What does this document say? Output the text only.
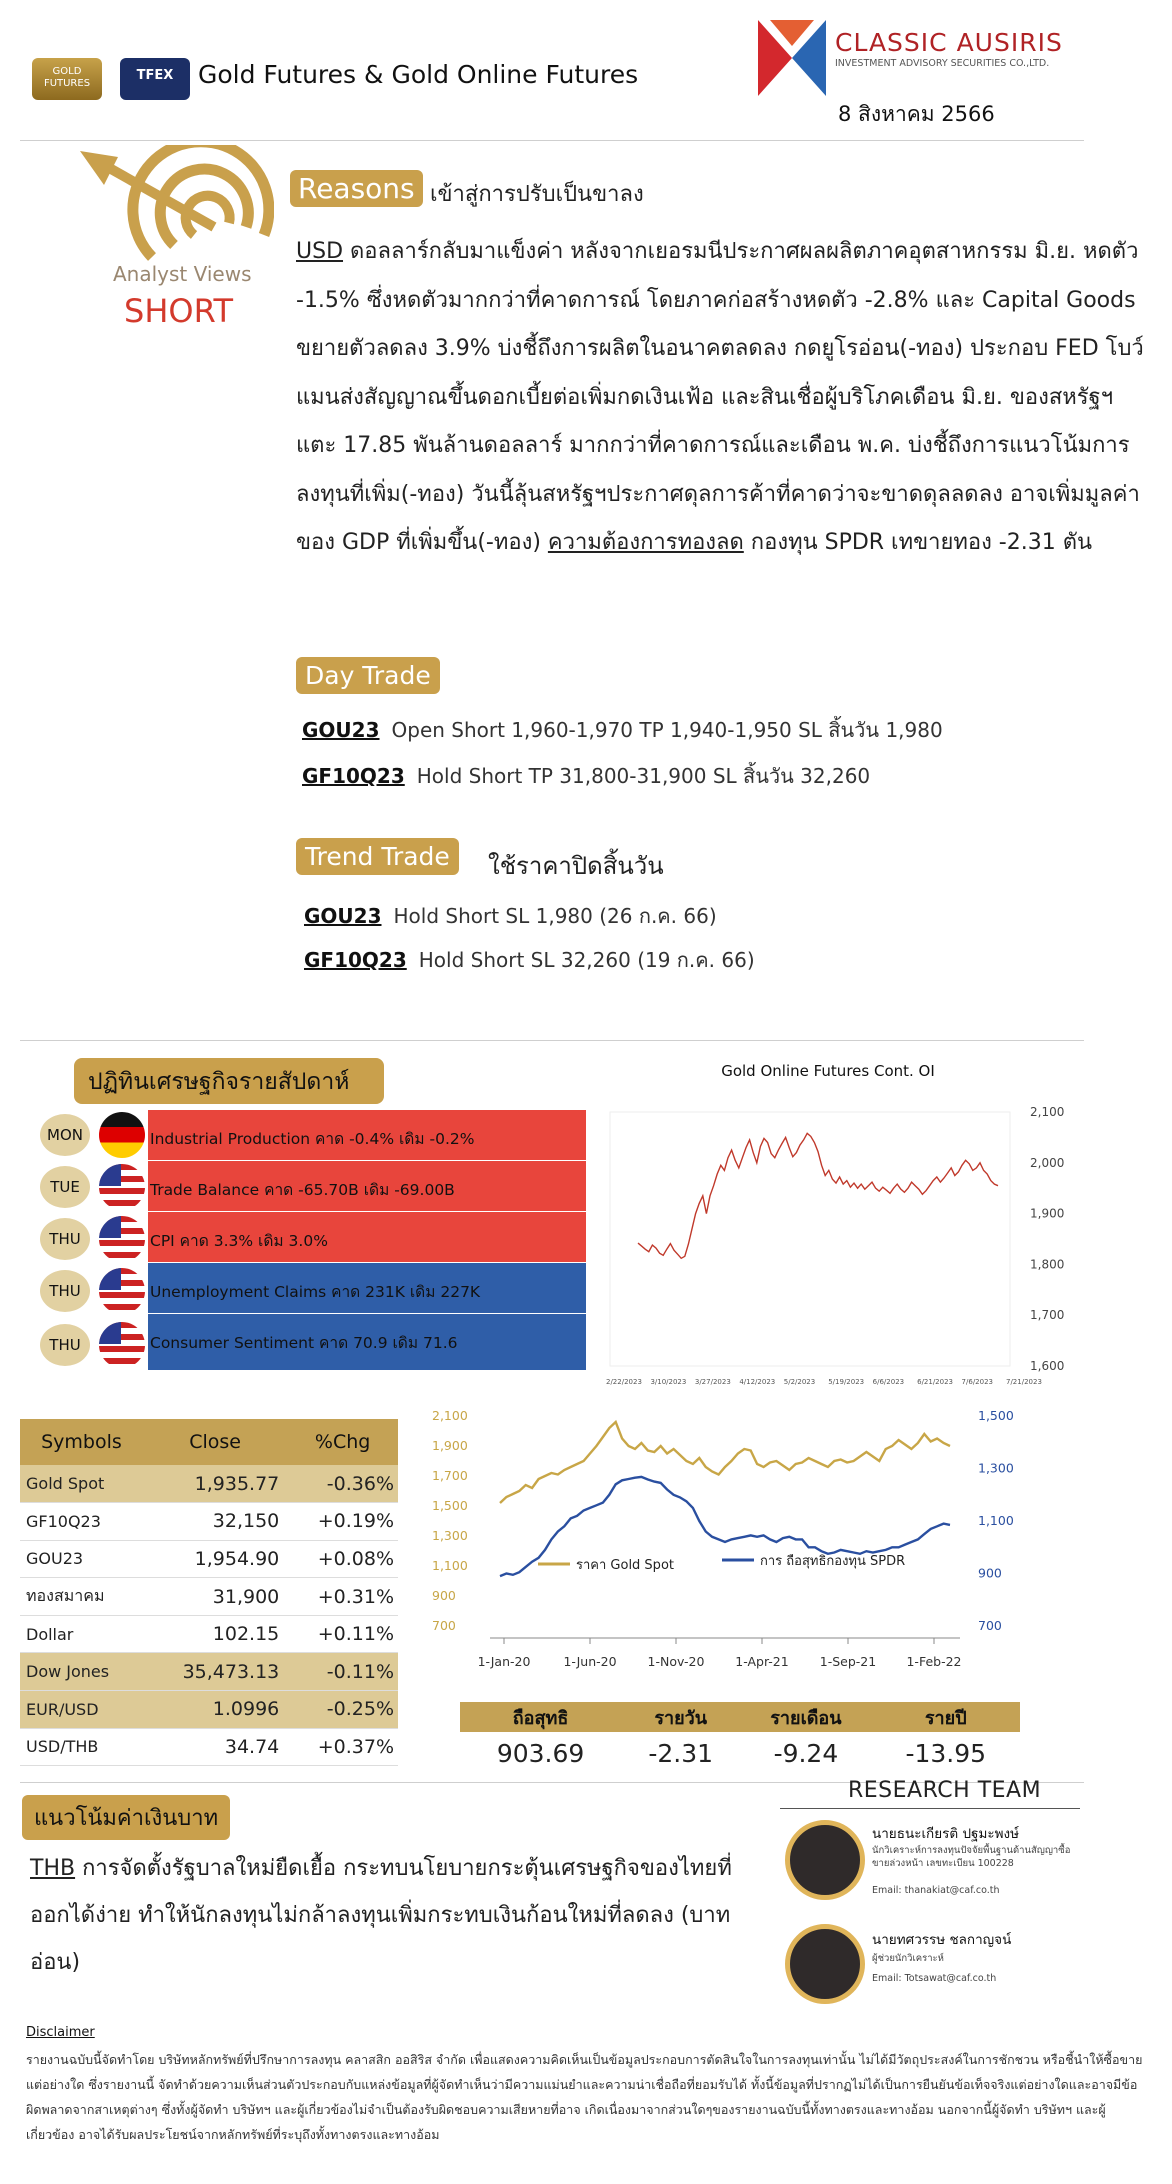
GOLD FUTURES
TFEX Gold Futures & Gold Online Futures
CLASSIC AUSIRIS
INVESTMENT ADVISORY SECURITIES CO.,LTD.
8 สิงหาคม 2566
Analyst Views
SHORT
Reasons เข้าสู่การปรับเป็นขาลง
USD ดอลลาร์กลับมาแข็งค่า หลังจากเยอรมนีประกาศผลผลิตภาคอุตสาหกรรม มิ.ย. หดตัว -1.5% ซึ่งหดตัวมากกว่าที่คาดการณ์ โดยภาคก่อสร้างหดตัว -2.8% และ Capital Goods ขยายตัวลดลง 3.9% บ่งชี้ถึงการผลิตในอนาคตลดลง กดยูโรอ่อน(-ทอง) ประกอบ FED โบว์แมนส่งสัญญาณขึ้นดอกเบี้ยต่อเพิ่มกดเงินเฟ้อ และสินเชื่อผู้บริโภคเดือน มิ.ย. ของสหรัฐฯแตะ 17.85 พันล้านดอลลาร์ มากกว่าที่คาดการณ์และเดือน พ.ค. บ่งชี้ถึงการแนวโน้มการลงทุนที่เพิ่ม(-ทอง) วันนี้ลุ้นสหรัฐฯประกาศดุลการค้าที่คาดว่าจะขาดดุลลดลง อาจเพิ่มมูลค่าของ GDP ที่เพิ่มขึ้น(-ทอง) ความต้องการทองลด กองทุน SPDR เทขายทอง -2.31 ตัน
Day Trade
GOU23 Open Short 1,960-1,970 TP 1,940-1,950 SL สิ้นวัน 1,980
GF10Q23 Hold Short TP 31,800-31,900 SL สิ้นวัน 32,260
Trend Trade	ใช้ราคาปิดสิ้นวัน
GOU23 Hold Short SL 1,980 (26 ก.ค. 66)
GF10Q23 Hold Short SL 32,260 (19 ก.ค. 66)
ปฏิทินเศรษฐกิจรายสัปดาห์
MON	Industrial Production คาด -0.4% เดิม -0.2%
TUE	Trade Balance คาด -65.70B เดิม -69.00B
THU	CPI คาด 3.3% เดิม 3.0%
THU	Unemployment Claims คาด 231K เดิม 227K
THU	Consumer Sentiment คาด 70.9 เดิม 71.6
Gold Online Futures Cont. OI
2,100
2,000
1,900
1,800
1,700
1,600
2/22/2023 3/10/2023 3/27/2023 4/12/2023 5/2/2023 5/19/2023 6/6/2023 6/21/2023 7/6/2023 7/21/2023
Symbols	Close	%Chg
Gold Spot	1,935.77	-0.36%
GF10Q23	32,150	+0.19%
GOU23	1,954.90	+0.08%
ทองสมาคม	31,900	+0.31%
Dollar	102.15	+0.11%
Dow Jones	35,473.13	-0.11%
EUR/USD	1.0996	-0.25%
USD/THB	34.74	+0.37%
2,100
1,900
1,700
1,500
1,300
1,100
900
700
1,500
1,300
1,100
900
700
1-Jan-20	1-Jun-20 1-Nov-20 1-Apr-21 1-Sep-21 1-Feb-22
ราคา Gold Spot	การ ถือสุทธิกองทุน SPDR
ถือสุทธิ	รายวัน	รายเดือน	รายปี
903.69	-2.31	-9.24	-13.95
แนวโน้มค่าเงินบาท
THB การจัดตั้งรัฐบาลใหม่ยืดเยื้อ กระทบนโยบายกระตุ้นเศรษฐกิจของไทยที่ออกได้ง่าย ทำให้นักลงทุนไม่กล้าลงทุนเพิ่มกระทบเงินก้อนใหม่ที่ลดลง (บาทอ่อน)
RESEARCH TEAM
นายธนะเกียรติ ปฐมะพงษ์
นักวิเคราะห์การลงทุนปัจจัยพื้นฐานด้านสัญญาซื้อขายล่วงหน้า เลขทะเบียน 100228
Email: thanakiat@caf.co.th
นายทศวรรษ ชลกาญจน์
ผู้ช่วยนักวิเคราะห์
Email: Totsawat@caf.co.th
Disclaimer
รายงานฉบับนี้จัดทำโดย บริษัทหลักทรัพย์ที่ปรึกษาการลงทุน คลาสสิก ออสิริส จำกัด เพื่อแสดงความคิดเห็นเป็นข้อมูลประกอบการตัดสินใจในการลงทุนเท่านั้น ไม่ได้มีวัตถุประสงค์ในการชักชวน หรือชี้นำให้ซื้อขายแต่อย่างใด ซึ่งรายงานนี้ จัดทำด้วยความเห็นส่วนตัวประกอบกับแหล่งข้อมูลที่ผู้จัดทำเห็นว่ามีความแม่นยำและความน่าเชื่อถือที่ยอมรับได้ ทั้งนี้ข้อมูลที่ปรากฏไม่ได้เป็นการยืนยันข้อเท็จจริงแต่อย่างใดและอาจมีข้อผิดพลาดจากสาเหตุต่างๆ ซึ่งทั้งผู้จัดทำ บริษัทฯ และผู้เกี่ยวข้องไม่จำเป็นต้องรับผิดชอบความเสียหายที่อาจ เกิดเนื่องมาจากส่วนใดๆของรายงานฉบับนี้ทั้งทางตรงและทางอ้อม นอกจากนี้ผู้จัดทำ บริษัทฯ และผู้เกี่ยวข้อง อาจได้รับผลประโยชน์จากหลักทรัพย์ที่ระบุถึงทั้งทางตรงและทางอ้อม
